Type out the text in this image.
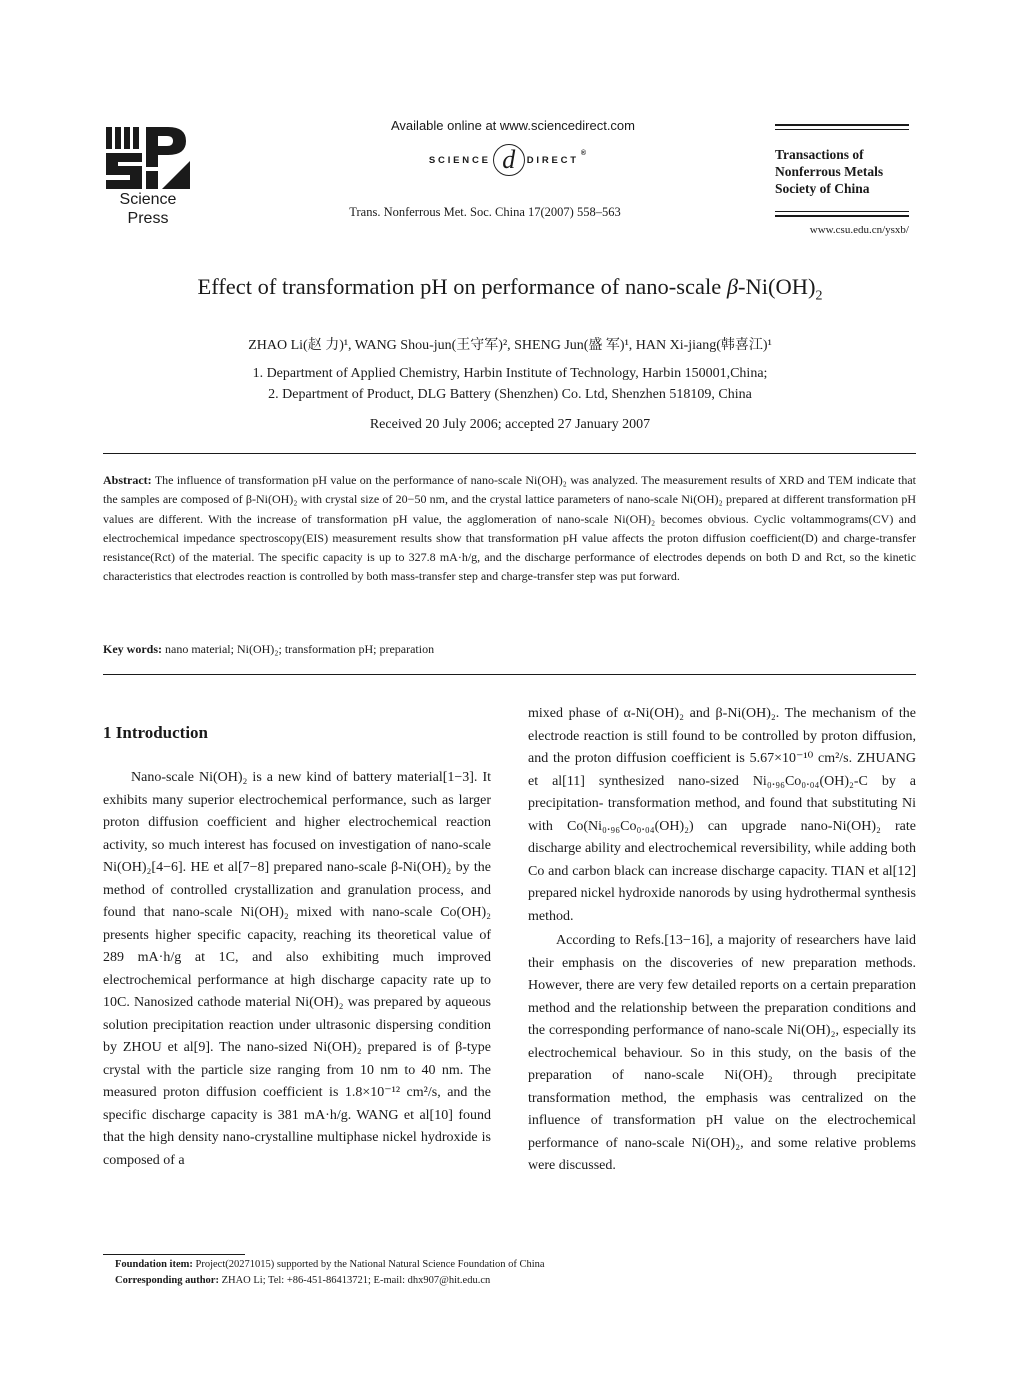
Science
Press
Available online at www.sciencedirect.com
SCIENCE d	DIRECT
®
Trans. Nonferrous Met. Soc. China 17(2007) 558–563
Transactions of
Nonferrous Metals
Society of China
www.csu.edu.cn/ysxb/
Effect of transformation pH on performance of nano-scale $\beta-Ni(OH)_2$
ZHAO Li(赵 力)¹, WANG Shou-jun(王守军)², SHENG Jun(盛 军)¹, HAN Xi-jiang(韩喜江)¹
1. Department of Applied Chemistry, Harbin Institute of Technology, Harbin 150001,China;
2. Department of Product, DLG Battery (Shenzhen) Co. Ltd, Shenzhen 518109, China
Received 20 July 2006; accepted 27 January 2007
Abstract: The influence of transformation pH value on the performance of nano-scale Ni(OH)₂ was analyzed. The measurement results of XRD and TEM indicate that the samples are composed of β-Ni(OH)₂ with crystal size of 20−50 nm, and the crystal lattice parameters of nano-scale Ni(OH)₂ prepared at different transformation pH values are different. With the increase of transformation pH value, the agglomeration of nano-scale Ni(OH)₂ becomes obvious. Cyclic voltammograms(CV) and electrochemical impedance spectroscopy(EIS) measurement results show that transformation pH value affects the proton diffusion coefficient(D) and charge-transfer resistance(Rct) of the material. The specific capacity is up to 327.8 mA·h/g, and the discharge performance of electrodes depends on both D and Rct, so the kinetic characteristics that electrodes reaction is controlled by both mass-transfer step and charge-transfer step was put forward.
Key words: nano material; Ni(OH)₂; transformation pH; preparation
1 Introduction

Nano-scale Ni(OH)₂ is a new kind of battery material[1−3]. It exhibits many superior electrochemical performance, such as larger proton diffusion coefficient and higher electrochemical reaction activity, so much interest has focused on investigation of nano-scale Ni(OH)₂[4−6]. HE et al[7−8] prepared nano-scale β-Ni(OH)₂ by the method of controlled crystallization and granulation process, and found that nano-scale Ni(OH)₂ mixed with nano-scale Co(OH)₂ presents higher specific capacity, reaching its theoretical value of 289 mA·h/g at 1C, and also exhibiting much improved electrochemical performance at high discharge capacity rate up to 10C. Nanosized cathode material Ni(OH)₂ was prepared by aqueous solution precipitation reaction under ultrasonic dispersing condition by ZHOU et al[9]. The nano-sized Ni(OH)₂ prepared is of β-type crystal with the particle size ranging from 10 nm to 40 nm. The measured proton diffusion coefficient is 1.8×10⁻¹² cm²/s, and the specific discharge capacity is 381 mA·h/g. WANG et al[10] found that the high density nano-crystalline multiphase nickel hydroxide is composed of a

mixed phase of α-Ni(OH)₂ and β-Ni(OH)₂. The mechanism of the electrode reaction is still found to be controlled by proton diffusion, and the proton diffusion coefficient is 5.67×10⁻¹⁰ cm²/s. ZHUANG et al[11] synthesized nano-sized Ni₀.₉₆Co₀.₀₄(OH)₂-C by a precipitation- transformation method, and found that substituting Ni with Co(Ni₀.₉₆Co₀.₀₄(OH)₂) can upgrade nano-Ni(OH)₂ rate discharge ability and electrochemical reversibility, while adding both Co and carbon black can increase discharge capacity. TIAN et al[12] prepared nickel hydroxide nanorods by using hydrothermal synthesis method.

According to Refs.[13−16], a majority of researchers have laid their emphasis on the discoveries of new preparation methods. However, there are very few detailed reports on a certain preparation method and the relationship between the preparation conditions and the corresponding performance of nano-scale Ni(OH)₂, especially its electrochemical behaviour. So in this study, on the basis of the preparation of nano-scale Ni(OH)₂ through precipitate transformation method, the emphasis was centralized on the influence of transformation pH value on the electrochemical performance of nano-scale Ni(OH)₂, and some relative problems were discussed.

Foundation item: Project(20271015) supported by the National Natural Science Foundation of China
Corresponding author: ZHAO Li; Tel: +86-451-86413721; E-mail: dhx907@hit.edu.cn
